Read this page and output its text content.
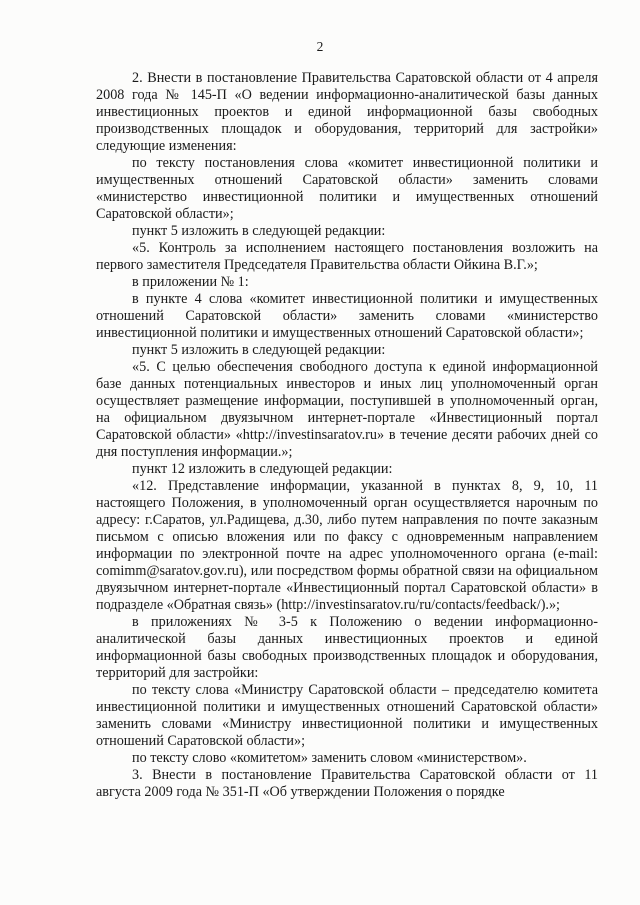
2

2. Внести в постановление Правительства Саратовской области от 4 апреля 2008 года № 145-П «О ведении информационно-аналитической базы данных инвестиционных проектов и единой информационной базы свободных производственных площадок и оборудования, территорий для застройки» следующие изменения:

по тексту постановления слова «комитет инвестиционной политики и имущественных отношений Саратовской области» заменить словами «министерство инвестиционной политики и имущественных отношений Саратовской области»;

пункт 5 изложить в следующей редакции:

«5. Контроль за исполнением настоящего постановления возложить на первого заместителя Председателя Правительства области Ойкина В.Г.»;

в приложении № 1:

в пункте 4 слова «комитет инвестиционной политики и имущественных отношений Саратовской области» заменить словами «министерство инвестиционной политики и имущественных отношений Саратовской области»;

пункт 5 изложить в следующей редакции:

«5. С целью обеспечения свободного доступа к единой информационной базе данных потенциальных инвесторов и иных лиц уполномоченный орган осуществляет размещение информации, поступившей в уполномоченный орган, на официальном двуязычном интернет-портале «Инвестиционный портал Саратовской области» «http://investinsaratov.ru» в течение десяти рабочих дней со дня поступления информации.»;

пункт 12 изложить в следующей редакции:

«12. Представление информации, указанной в пунктах 8, 9, 10, 11 настоящего Положения, в уполномоченный орган осуществляется нарочным по адресу: г.Саратов, ул.Радищева, д.30, либо путем направления по почте заказным письмом с описью вложения или по факсу с одновременным направлением информации по электронной почте на адрес уполномоченного органа (e-mail: comimm@saratov.gov.ru), или посредством формы обратной связи на официальном двуязычном интернет-портале «Инвестиционный портал Саратовской области» в подразделе «Обратная связь» (http://investinsaratov.ru/ru/contacts/feedback/).»;

в приложениях № 3-5 к Положению о ведении информационно-аналитической базы данных инвестиционных проектов и единой информационной базы свободных производственных площадок и оборудования, территорий для застройки:

по тексту слова «Министру Саратовской области – председателю комитета инвестиционной политики и имущественных отношений Саратовской области» заменить словами «Министру инвестиционной политики и имущественных отношений Саратовской области»;

по тексту слово «комитетом» заменить словом «министерством».

3. Внести в постановление Правительства Саратовской области от 11 августа 2009 года № 351-П «Об утверждении Положения о порядке
